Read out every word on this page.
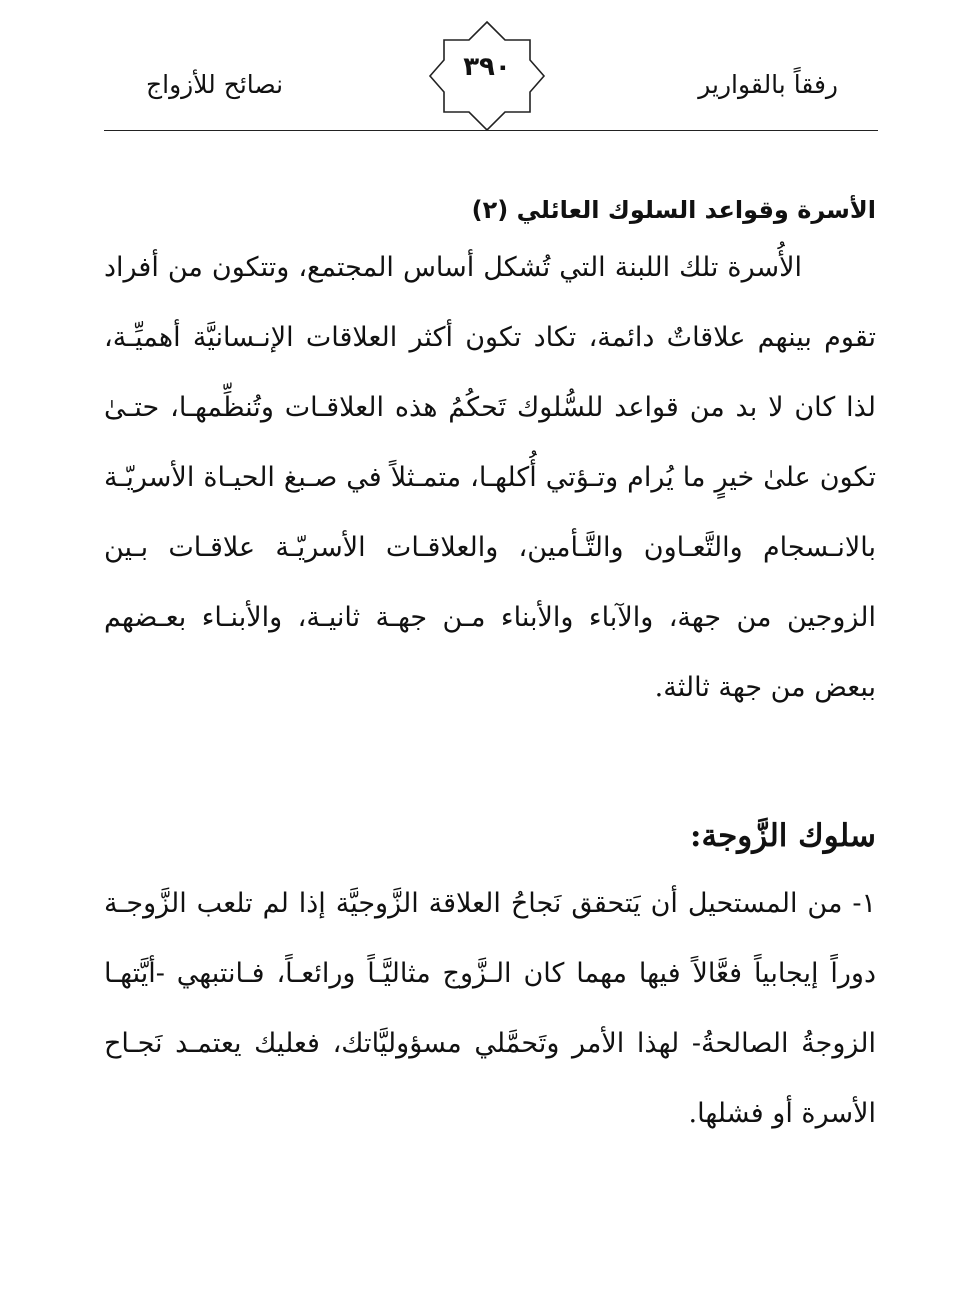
رفقاً بالقوارير
٣٩٠
نصائح للأزواج
الأسرة وقواعد السلوك العائلي (٢)
الأُسرة تلك اللبنة التي تُشكل أساس المجتمع، وتتكون من أفراد
تقوم بينهم علاقاتٌ دائمة، تكاد تكون أكثر العلاقات الإنـسانيَّة أهميِّـة،
لذا كان لا بد من قواعد للسُّلوك تَحكُمُ هذه العلاقـات وتُنظِّمهـا، حتـىٰ
تكون علىٰ خيرٍ ما يُرام وتـؤتي أُكلهـا، متمـثلاً في صـبغ الحيـاة الأسريّـة
بالانـسجام والتَّعـاون والتَّـأمين، والعلاقـات الأسريّـة علاقـات بـين
الزوجين من جهة، والآباء والأبناء مـن جهـة ثانيـة، والأبنـاء بعـضهم
ببعض من جهة ثالثة.
سلوك الزَّوجة:
١- من المستحيل أن يَتحقق نَجاحُ العلاقة الزَّوجيَّة إذا لم تلعب الزَّوجـة
دوراً إيجابياً فعَّالاً فيها مهما كان الـزَّوج مثاليَّـاً ورائعـاً، فـانتبهي -أيَّتهـا
الزوجةُ الصالحةُ- لهذا الأمر وتَحمَّلي مسؤوليَّاتك، فعليك يعتمـد نَجـاح
الأسرة أو فشلها.
